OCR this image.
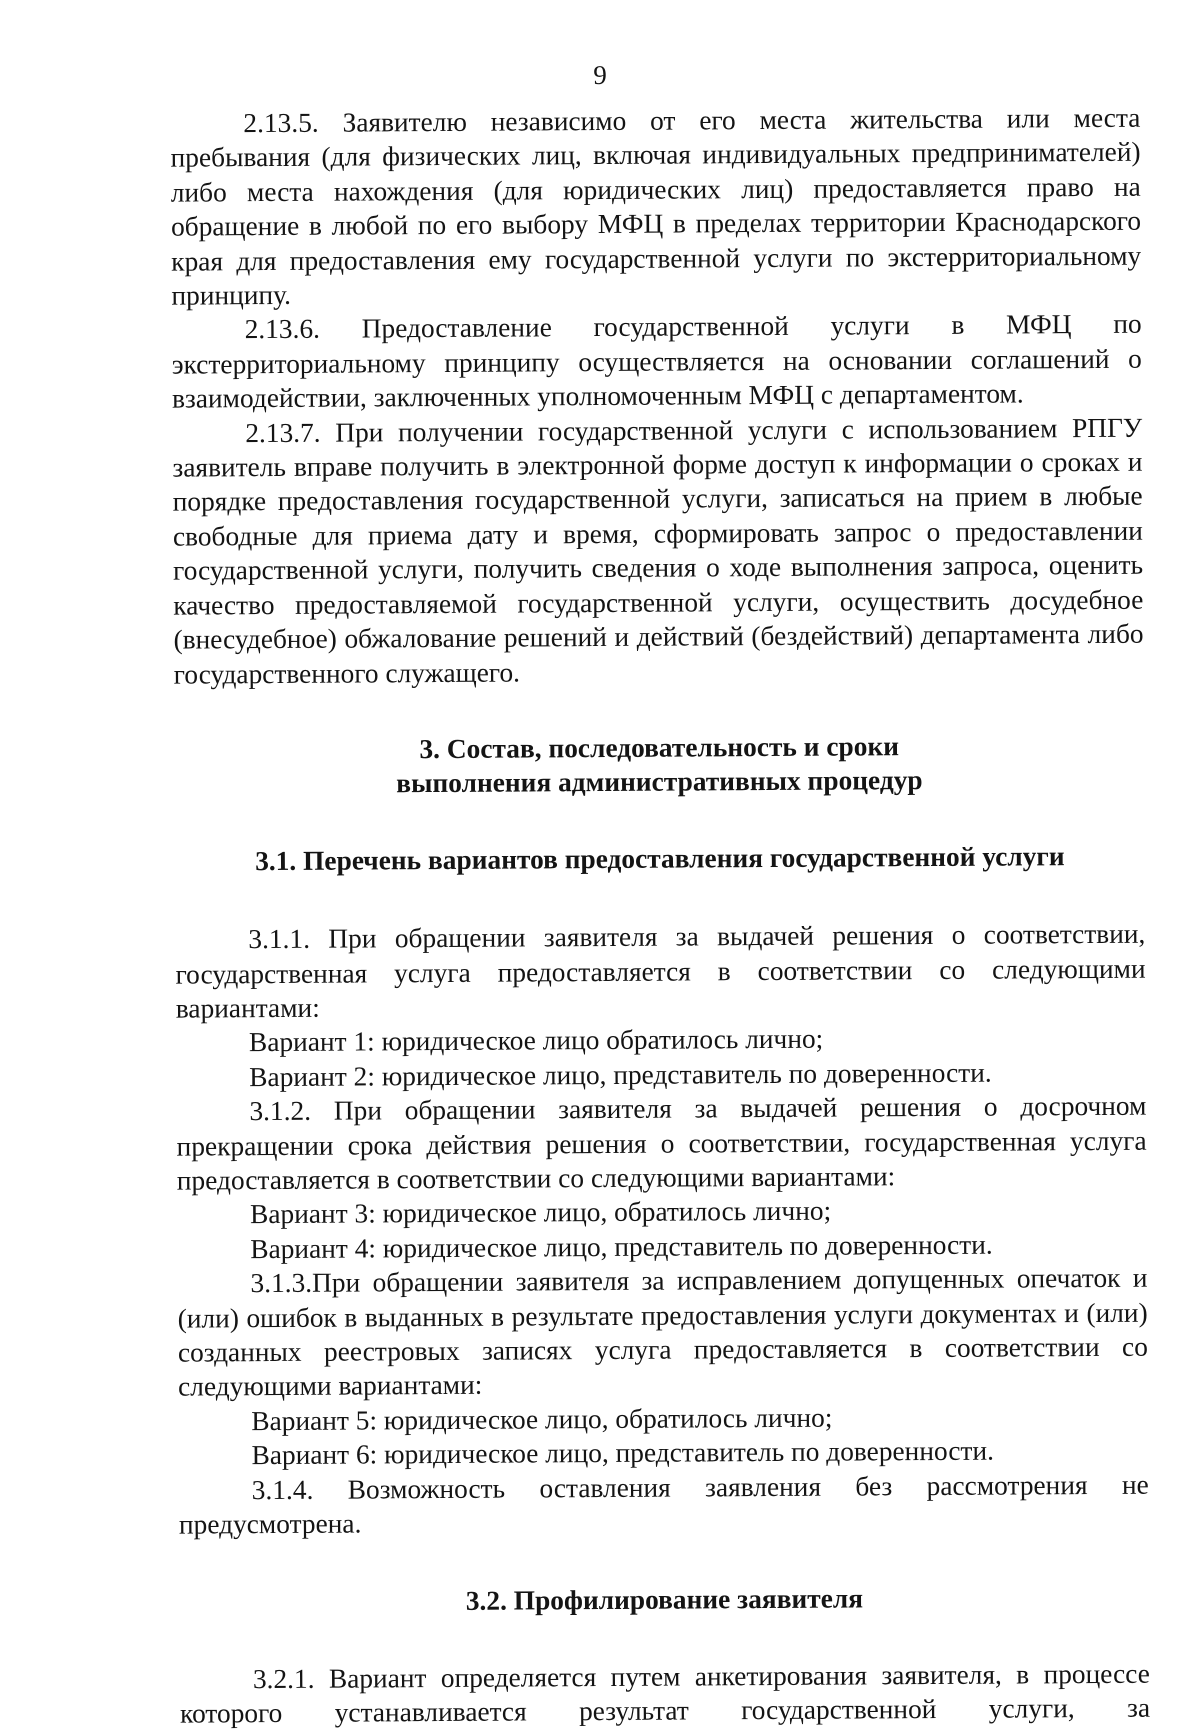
9

2.13.5. Заявителю независимо от его места жительства или места пребывания (для физических лиц, включая индивидуальных предпринимателей) либо места нахождения (для юридических лиц) предоставляется право на обращение в любой по его выбору МФЦ в пределах территории Краснодарского края для предоставления ему государственной услуги по экстерриториальному принципу.

2.13.6. Предоставление государственной услуги в МФЦ по экстерриториальному принципу осуществляется на основании соглашений о взаимодействии, заключенных уполномоченным МФЦ с департаментом.

2.13.7. При получении государственной услуги с использованием РПГУ заявитель вправе получить в электронной форме доступ к информации о сроках и порядке предоставления государственной услуги, записаться на прием в любые свободные для приема дату и время, сформировать запрос о предоставлении государственной услуги, получить сведения о ходе выполнения запроса, оценить качество предоставляемой государственной услуги, осуществить досудебное (внесудебное) обжалование решений и действий (бездействий) департамента либо государственного служащего.

3. Состав, последовательность и сроки

выполнения административных процедур

3.1. Перечень вариантов предоставления государственной услуги

3.1.1. При обращении заявителя за выдачей решения о соответствии, государственная услуга предоставляется в соответствии со следующими вариантами:

Вариант 1: юридическое лицо обратилось лично;

Вариант 2: юридическое лицо, представитель по доверенности.

3.1.2. При обращении заявителя за выдачей решения о досрочном прекращении срока действия решения о соответствии, государственная услуга предоставляется в соответствии со следующими вариантами:

Вариант 3: юридическое лицо, обратилось лично;

Вариант 4: юридическое лицо, представитель по доверенности.

3.1.3.При обращении заявителя за исправлением допущенных опечаток и (или) ошибок в выданных в результате предоставления услуги документах и (или) созданных реестровых записях услуга предоставляется в соответствии со следующими вариантами:

Вариант 5: юридическое лицо, обратилось лично;

Вариант 6: юридическое лицо, представитель по доверенности.

3.1.4. Возможность оставления заявления без рассмотрения не предусмотрена.

3.2. Профилирование заявителя

3.2.1. Вариант определяется путем анкетирования заявителя, в процессе которого устанавливается результат государственной услуги, за
